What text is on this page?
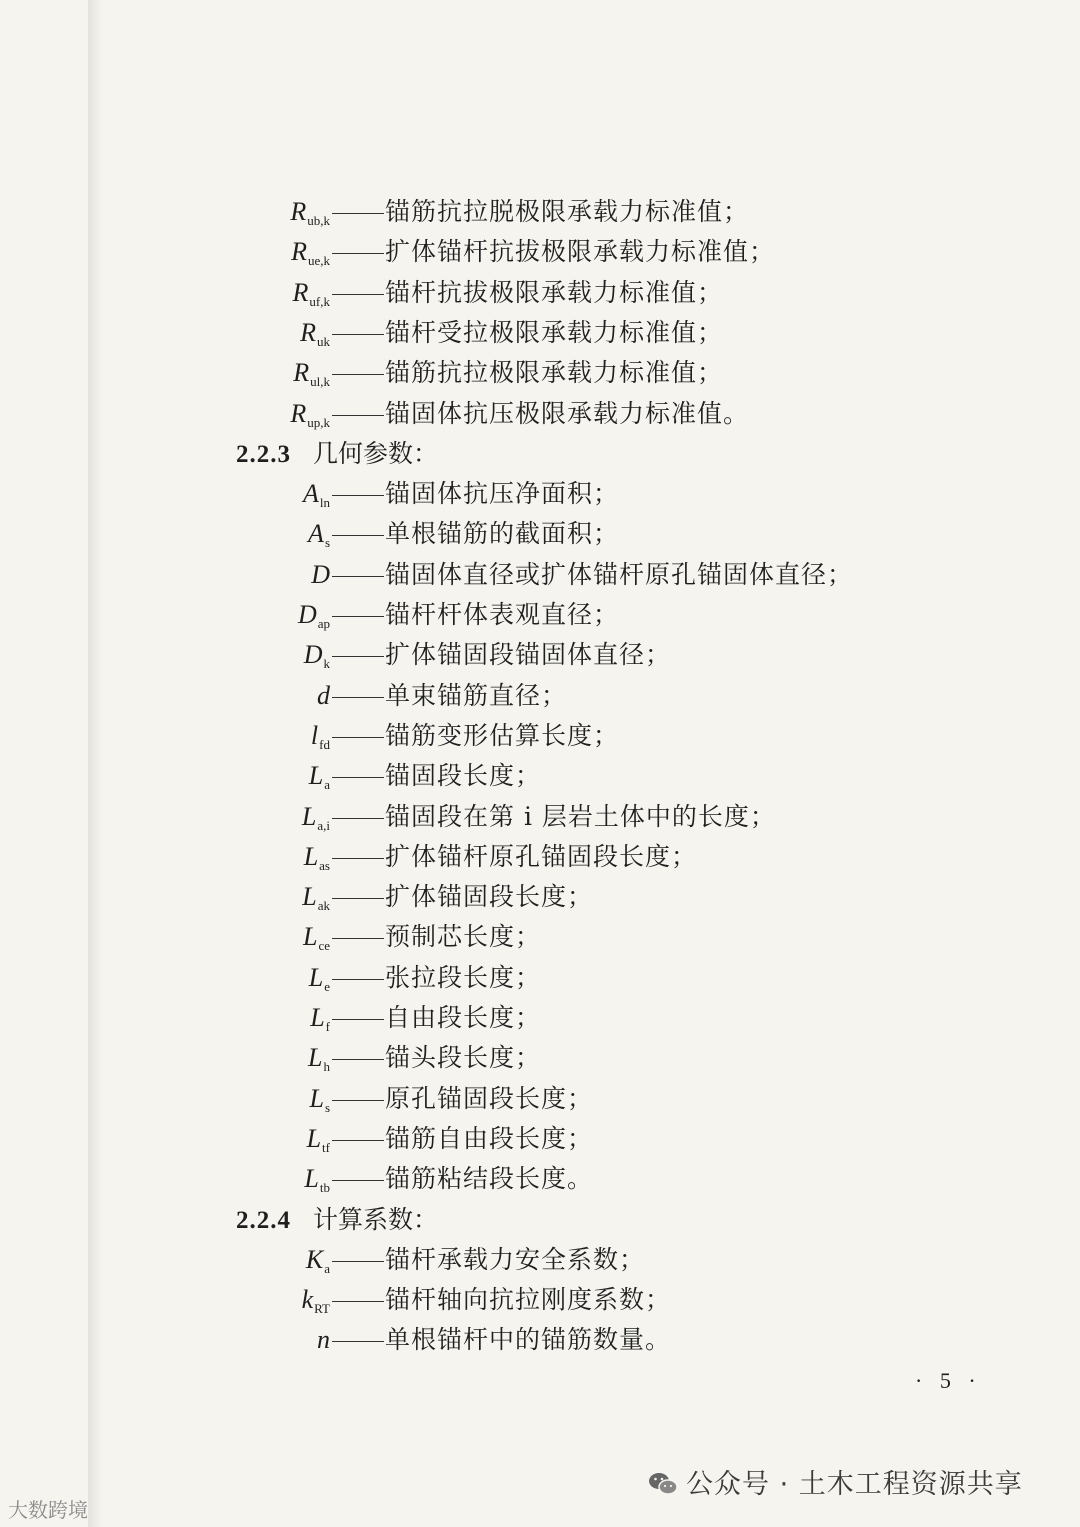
$R_{ub,k}$ 锚筋抗拉脱极限承载力标准值；
$R_{ue,k}$ 扩体锚杆抗拔极限承载力标准值；
$R_{uf,k}$ 锚杆抗拔极限承载力标准值；
$R_{uk}$ 锚杆受拉极限承载力标准值；
$R_{ul,k}$ 锚筋抗拉极限承载力标准值；
$R_{up,k}$ 锚固体抗压极限承载力标准值。
2.2.3 几何参数：
$A_{ln}$ 锚固体抗压净面积；
$A_s$ 单根锚筋的截面积；
D 锚固体直径或扩体锚杆原孔锚固体直径；
$D_{ap}$ 锚杆杆体表观直径；
$D_k$ 扩体锚固段锚固体直径；
d 单束锚筋直径；
$l_{fd}$ 锚筋变形估算长度；
$L_a$ 锚固段长度；
$L_{a,i}$ 锚固段在第 i 层岩土体中的长度；
$L_{as}$ 扩体锚杆原孔锚固段长度；
$L_{ak}$ 扩体锚固段长度；
$L_{ce}$ 预制芯长度；
$L_e$ 张拉段长度；
$L_f$ 自由段长度；
$L_h$ 锚头段长度；
$L_s$ 原孔锚固段长度；
$L_{tf}$ 锚筋自由段长度；
$L_{tb}$ 锚筋粘结段长度。
2.2.4 计算系数：
$K_a$ 锚杆承载力安全系数；
$k_{RT}$ 锚杆轴向抗拉刚度系数；
n 单根锚杆中的锚筋数量。
· 5 ·
公众号 · 土木工程资源共享
大数跨境
